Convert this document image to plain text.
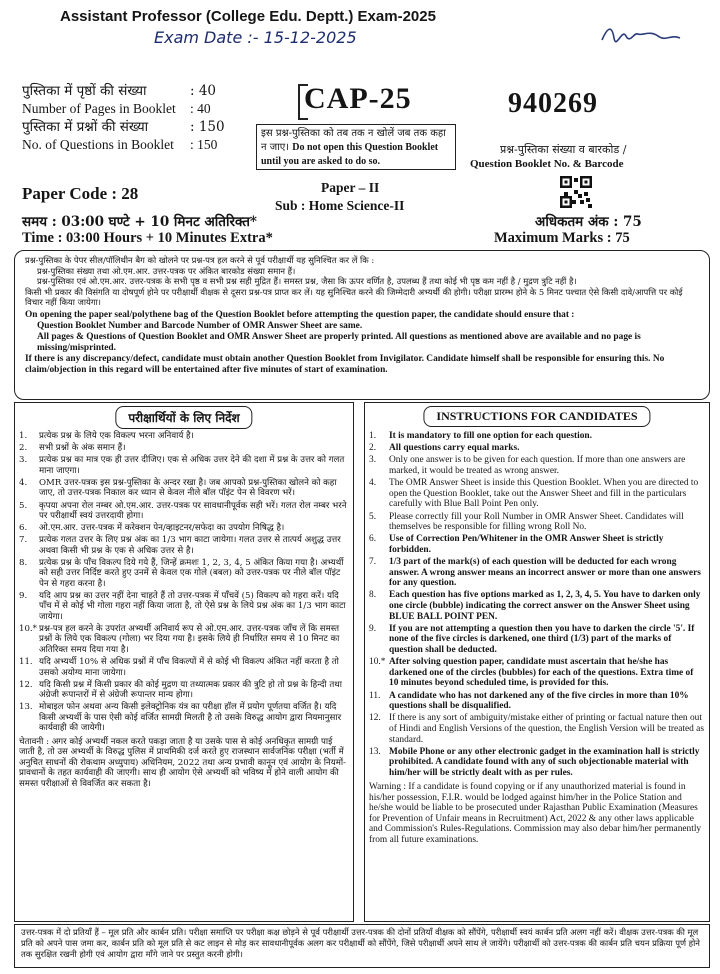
Assistant Professor (College Edu. Deptt.) Exam-2025
Exam Date :- 15-12-2025
पुस्तिका में पृष्ठों की संख्या	: 40
Number of Pages in Booklet : 40
पुस्तिका में प्रश्नों की संख्या	: 150
No. of Questions in Booklet : 150
CAP-25
इस प्रश्न-पुस्तिका को तब तक न खोलें जब तक कहा न जाए। Do not open this Question Booklet until you are asked to do so.
940269
प्रश्न-पुस्तिका संख्या व बारकोड /
Question Booklet No. & Barcode
Paper Code : 28	Paper – II
Sub : Home Science-II
समय : 03:00 घण्टे + 10 मिनट अतिरिक्त*
Time : 03:00 Hours + 10 Minutes Extra*
अधिकतम अंक : 75
Maximum Marks : 75

प्रश्न-पुस्तिका के पेपर सील/पॉलिथीन बैग को खोलने पर प्रश्न-पत्र हल करने से पूर्व परीक्षार्थी यह सुनिश्चित कर लें कि :

प्रश्न-पुस्तिका संख्या तथा ओ.एम.आर. उत्तर-पत्रक पर अंकित बारकोड संख्या समान हैं।

प्रश्न-पुस्तिका एवं ओ.एम.आर. उत्तर-पत्रक के सभी पृष्ठ व सभी प्रश्न सही मुद्रित हैं। समस्त प्रश्न, जैसा कि ऊपर वर्णित है, उपलब्ध हैं तथा कोई भी पृष्ठ कम नहीं है / मुद्रण त्रुटि नहीं है।

किसी भी प्रकार की विसंगति या दोषपूर्ण होने पर परीक्षार्थी वीक्षक से दूसरा प्रश्न-पत्र प्राप्त कर लें। यह सुनिश्चित करने की जिम्मेदारी अभ्यर्थी की होगी। परीक्षा प्रारम्भ होने के 5 मिनट पश्चात ऐसे किसी दावे/आपत्ति पर कोई विचार नहीं किया जायेगा।

On opening the paper seal/polythene bag of the Question Booklet before attempting the question paper, the candidate should ensure that :

Question Booklet Number and Barcode Number of OMR Answer Sheet are same.

All pages & Questions of Question Booklet and OMR Answer Sheet are properly printed. All questions as mentioned above are available and no page is missing/misprinted.

If there is any discrepancy/defect, candidate must obtain another Question Booklet from Invigilator. Candidate himself shall be responsible for ensuring this. No claim/objection in this regard will be entertained after five minutes of start of examination.

परीक्षार्थियों के लिए निर्देश
1.	प्रत्येक प्रश्न के लिये एक विकल्प भरना अनिवार्य है।
2.	सभी प्रश्नों के अंक समान हैं।
3.	प्रत्येक प्रश्न का मात्र एक ही उत्तर दीजिए। एक से अधिक उत्तर देने की दशा में प्रश्न के उत्तर को गलत माना जाएगा।
4.	OMR उत्तर-पत्रक इस प्रश्न-पुस्तिका के अन्दर रखा है। जब आपको प्रश्न-पुस्तिका खोलने को कहा जाए, तो उत्तर-पत्रक निकाल कर ध्यान से केवल नीले बॉल पॉइंट पेन से विवरण भरें।
5.	कृपया अपना रोल नम्बर ओ.एम.आर. उत्तर-पत्रक पर सावधानीपूर्वक सही भरें। गलत रोल नम्बर भरने पर परीक्षार्थी स्वयं उत्तरदायी होगा।
6.	ओ.एम.आर. उत्तर-पत्रक में करेक्शन पेन/व्हाइटनर/सफेदा का उपयोग निषिद्ध है।
7.	प्रत्येक गलत उत्तर के लिए प्रश्न अंक का 1/3 भाग काटा जायेगा। गलत उत्तर से तात्पर्य अशुद्ध उत्तर अथवा किसी भी प्रश्न के एक से अधिक उत्तर से है।
8.	प्रत्येक प्रश्न के पाँच विकल्प दिये गये हैं, जिन्हें क्रमशः 1, 2, 3, 4, 5 अंकित किया गया है। अभ्यर्थी को सही उत्तर निर्दिष्ट करते हुए उनमें से केवल एक गोले (बबल) को उत्तर-पत्रक पर नीले बॉल पॉइंट पेन से गहरा करना है।
9.	यदि आप प्रश्न का उत्तर नहीं देना चाहते हैं तो उत्तर-पत्रक में पाँचवें (5) विकल्प को गहरा करें। यदि पाँच में से कोई भी गोला गहरा नहीं किया जाता है, तो ऐसे प्रश्न के लिये प्रश्न अंक का 1/3 भाग काटा जायेगा।
10.* प्रश्न-पत्र हल करने के उपरांत अभ्यर्थी अनिवार्य रूप से ओ.एम.आर. उत्तर-पत्रक जाँच लें कि समस्त प्रश्नों के लिये एक विकल्प (गोला) भर दिया गया है। इसके लिये ही निर्धारित समय से 10 मिनट का अतिरिक्त समय दिया गया है।
11. यदि अभ्यर्थी 10% से अधिक प्रश्नों में पाँच विकल्पों में से कोई भी विकल्प अंकित नहीं करता है तो उसको अयोग्य माना जायेगा।
12. यदि किसी प्रश्न में किसी प्रकार की कोई मुद्रण या तथ्यात्मक प्रकार की त्रुटि हो तो प्रश्न के हिन्दी तथा अंग्रेजी रूपान्तरों में से अंग्रेजी रूपान्तर मान्य होगा।
13. मोबाइल फोन अथवा अन्य किसी इलेक्ट्रोनिक यंत्र का परीक्षा हॉल में प्रयोग पूर्णतया वर्जित है। यदि किसी अभ्यर्थी के पास ऐसी कोई वर्जित सामग्री मिलती है तो उसके विरुद्ध आयोग द्वारा नियमानुसार कार्यवाही की जायेगी।
चेतावनी : अगर कोई अभ्यर्थी नकल करते पकड़ा जाता है या उसके पास से कोई अनधिकृत सामग्री पाई जाती है, तो उस अभ्यर्थी के विरुद्ध पुलिस में प्राथमिकी दर्ज करते हुए राजस्थान सार्वजनिक परीक्षा (भर्ती में अनुचित साधनों की रोकथाम अध्युपाय) अधिनियम, 2022 तथा अन्य प्रभावी कानून एवं आयोग के नियमों-प्रावधानों के तहत कार्यवाही की जाएगी। साथ ही आयोग ऐसे अभ्यर्थी को भविष्य में होने वाली आयोग की समस्त परीक्षाओं से विवर्जित कर सकता है।
INSTRUCTIONS FOR CANDIDATES
1.	It is mandatory to fill one option for each question.
2.	All questions carry equal marks.
3.	Only one answer is to be given for each question. If more than one answers are marked, it would be treated as wrong answer.
4.	The OMR Answer Sheet is inside this Question Booklet. When you are directed to open the Question Booklet, take out the Answer Sheet and fill in the particulars carefully with Blue Ball Point Pen only.
5.	Please correctly fill your Roll Number in OMR Answer Sheet. Candidates will themselves be responsible for filling wrong Roll No.
6.	Use of Correction Pen/Whitener in the OMR Answer Sheet is strictly forbidden.
7.	1/3 part of the mark(s) of each question will be deducted for each wrong answer. A wrong answer means an incorrect answer or more than one answers for any question.
8.	Each question has five options marked as 1, 2, 3, 4, 5. You have to darken only one circle (bubble) indicating the correct answer on the Answer Sheet using BLUE BALL POINT PEN.
9.	If you are not attempting a question then you have to darken the circle '5'. If none of the five circles is darkened, one third (1/3) part of the marks of question shall be deducted.
10.* After solving question paper, candidate must ascertain that he/she has darkened one of the circles (bubbles) for each of the questions. Extra time of 10 minutes beyond scheduled time, is provided for this.
11. A candidate who has not darkened any of the five circles in more than 10% questions shall be disqualified.
12. If there is any sort of ambiguity/mistake either of printing or factual nature then out of Hindi and English Versions of the question, the English Version will be treated as standard.
13. Mobile Phone or any other electronic gadget in the examination hall is strictly prohibited. A candidate found with any of such objectionable material with him/her will be strictly dealt with as per rules.
Warning : If a candidate is found copying or if any unauthorized material is found in his/her possession, F.I.R. would be lodged against him/her in the Police Station and he/she would be liable to be prosecuted under Rajasthan Public Examination (Measures for Prevention of Unfair means in Recruitment) Act, 2022 & any other laws applicable and Commission's Rules-Regulations. Commission may also debar him/her permanently from all future examinations.
उत्तर-पत्रक में दो प्रतियाँ हैं – मूल प्रति और कार्बन प्रति। परीक्षा समाप्ति पर परीक्षा कक्ष छोड़ने से पूर्व परीक्षार्थी उत्तर-पत्रक की दोनों प्रतियाँ वीक्षक को सौंपेंगे, परीक्षार्थी स्वयं कार्बन प्रति अलग नहीं करें। वीक्षक उत्तर-पत्रक की मूल प्रति को अपने पास जमा कर, कार्बन प्रति को मूल प्रति से कट लाइन से मोड़ कर सावधानीपूर्वक अलग कर परीक्षार्थी को सौंपेंगे, जिसे परीक्षार्थी अपने साथ ले जायेंगे। परीक्षार्थी को उत्तर-पत्रक की कार्बन प्रति चयन प्रक्रिया पूर्ण होने तक सुरक्षित रखनी होगी एवं आयोग द्वारा माँगे जाने पर प्रस्तुत करनी होगी।
